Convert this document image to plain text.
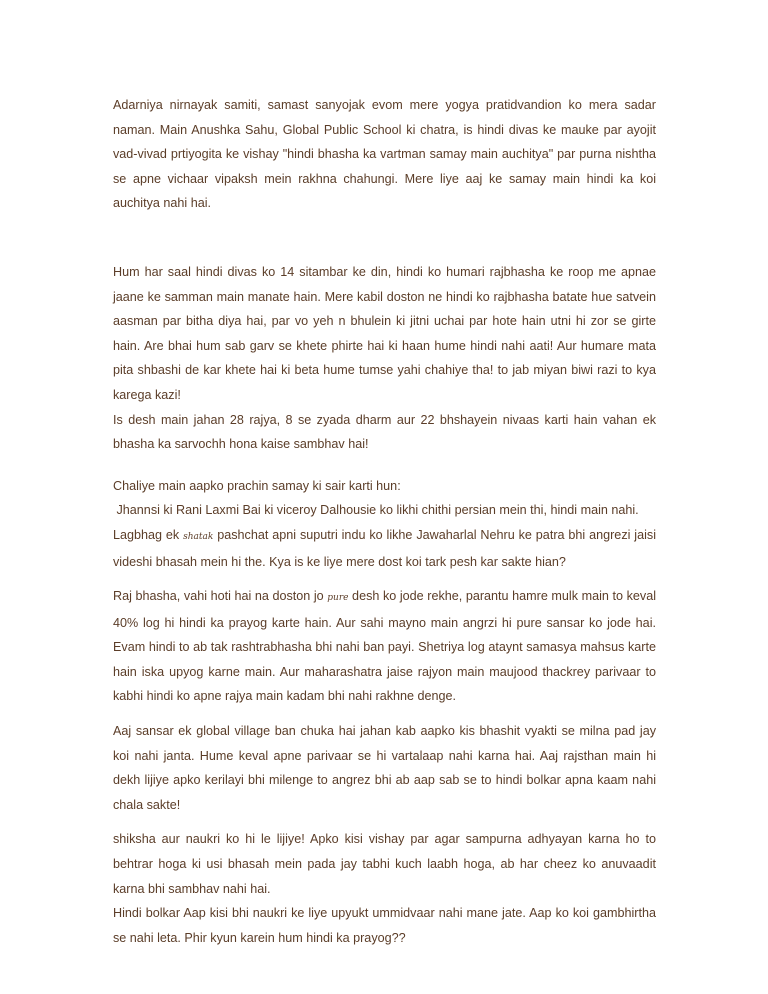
Adarniya nirnayak samiti, samast sanyojak evom mere yogya pratidvandion ko mera sadar naman. Main Anushka Sahu, Global Public School ki chatra, is hindi divas ke mauke par ayojit vad-vivad prtiyogita ke vishay "hindi bhasha ka vartman samay main auchitya" par purna nishtha se apne vichaar vipaksh mein rakhna chahungi. Mere liye aaj ke samay main hindi ka koi auchitya nahi hai.

Hum har saal hindi divas ko 14 sitambar ke din, hindi ko humari rajbhasha ke roop me apnae jaane ke samman main manate hain. Mere kabil doston ne hindi ko rajbhasha batate hue satvein aasman par bitha diya hai, par vo yeh n bhulein ki jitni uchai par hote hain utni hi zor se girte hain. Are bhai hum sab garv se khete phirte hai ki haan hume hindi nahi aati! Aur humare mata pita shbashi de kar khete hai ki beta hume tumse yahi chahiye tha! to jab miyan biwi razi to kya karega kazi!

Is desh main jahan 28 rajya, 8 se zyada dharm aur 22 bhshayein nivaas karti hain vahan ek bhasha ka sarvochh hona kaise sambhav hai!

Chaliye main aapko prachin samay ki sair karti hun:

Jhannsi ki Rani Laxmi Bai ki viceroy Dalhousie ko likhi chithi persian mein thi, hindi main nahi.

Lagbhag ek shatak pashchat apni suputri indu ko likhe Jawaharlal Nehru ke patra bhi angrezi jaisi videshi bhasah mein hi the. Kya is ke liye mere dost koi tark pesh kar sakte hian?

Raj bhasha, vahi hoti hai na doston jo pure desh ko jode rekhe, parantu hamre mulk main to keval 40% log hi hindi ka prayog karte hain. Aur sahi mayno main angrzi hi pure sansar ko jode hai. Evam hindi to ab tak rashtrabhasha bhi nahi ban payi. Shetriya log ataynt samasya mahsus karte hain iska upyog karne main. Aur maharashatra jaise rajyon main maujood thackrey parivaar to kabhi hindi ko apne rajya main kadam bhi nahi rakhne denge.

Aaj sansar ek global village ban chuka hai jahan kab aapko kis bhashit vyakti se milna pad jay koi nahi janta. Hume keval apne parivaar se hi vartalaap nahi karna hai. Aaj rajsthan main hi dekh lijiye apko kerilayi bhi milenge to angrez bhi ab aap sab se to hindi bolkar apna kaam nahi chala sakte!

shiksha aur naukri ko hi le lijiye! Apko kisi vishay par agar sampurna adhyayan karna ho to behtrar hoga ki usi bhasah mein pada jay tabhi kuch laabh hoga, ab har cheez ko anuvaadit karna bhi sambhav nahi hai.

Hindi bolkar Aap kisi bhi naukri ke liye upyukt ummidvaar nahi mane jate. Aap ko koi gambhirtha se nahi leta. Phir kyun karein hum hindi ka prayog??
